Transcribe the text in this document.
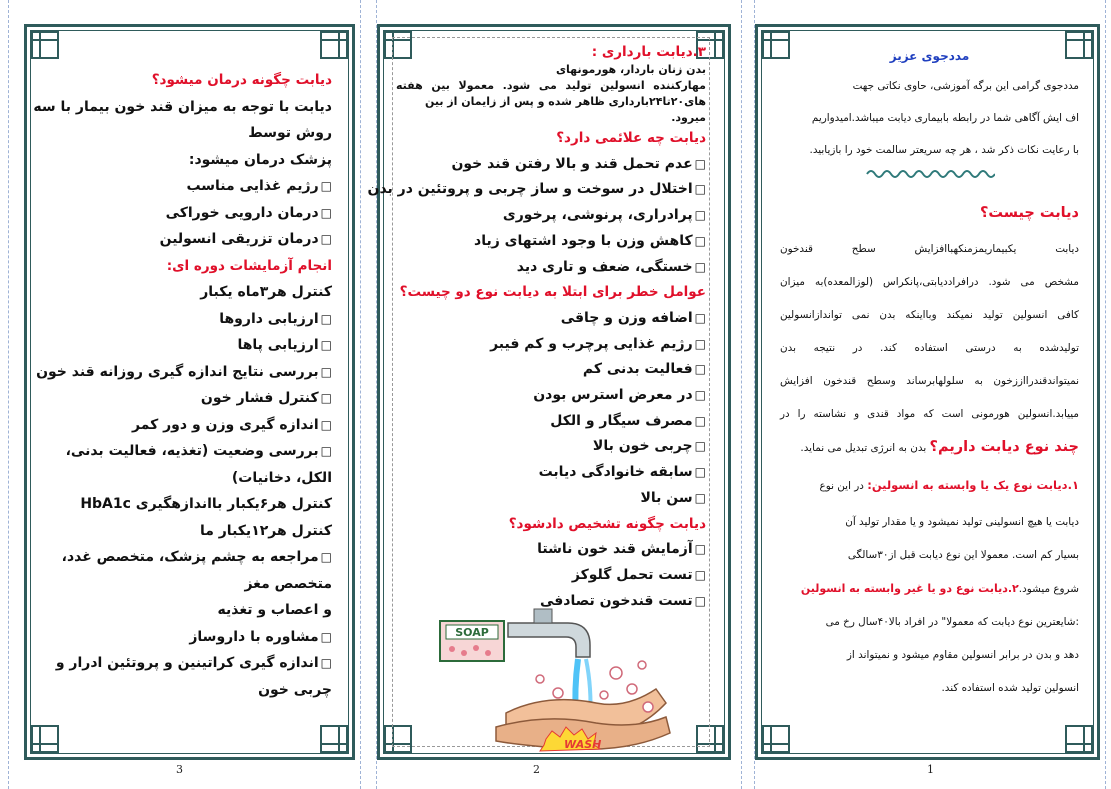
دیابت چگونه درمان میشود؟
دیابت با توجه به میزان قند خون بیمار با سه
روش توسط
پزشک درمان میشود:
□رژیم غذایی مناسب
□درمان دارویی خوراکی
□درمان تزریقی انسولین
انجام آزمایشات دوره ای:
کنترل هر۳ماه یکبار
□ارزیابی داروها
□ارزیابی پاها
□بررسی نتایج اندازه گیری روزانه قند خون
□کنترل فشار خون
□اندازه گیری وزن و دور کمر
□بررسی وضعیت (تغذیه، فعالیت بدنی،
الکل، دخانیات)
کنترل هر۶یکبار بااندازهگیری HbA1c
کنترل هر۱۲یکبار ما
□مراجعه به چشم پزشک، متخصص غدد،
متخصص مغز
و اعصاب و تغذیه
□مشاوره با داروساز
□اندازه گیری کراتینین و پروتئین ادرار و
چربی خون
۳.دیابت بارداری :
بدن زنان باردار، هورمونهای
مهارکننده انسولین تولید می شود. معمولا بین هفته
های۲۰تا۲۴بارداری ظاهر شده و پس از زایمان از بین میرود.
دیابت چه علائمی دارد؟
□عدم تحمل قند و بالا رفتن قند خون
□اختلال در سوخت و ساز چربی و پروتئین در بدن
□پرادراری، پرنوشی، پرخوری
□کاهش وزن با وجود اشتهای زیاد
□خستگی، ضعف و تاری دید
عوامل خطر برای ابتلا به دیابت نوع دو چیست؟
□اضافه وزن و چاقی
□رژیم غذایی پرچرب و کم فیبر
□فعالیت بدنی کم
□در معرض استرس بودن
□مصرف سیگار و الکل
□چربی خون بالا
□سابقه خانوادگی دیابت
□سن بالا
دیابت چگونه تشخیص دادشود؟
□آزمایش قند خون ناشتا
□تست تحمل گلوکز
□تست قندخون تصادفی
SOAP
WASH
مددجوی عزیز
مددجوی گرامی این برگه آموزشی، حاوی نکاتی جهت
اف ایش آگاهی شما در رابطه بابیماری دیابت میباشد.امیدواریم
با رعایت نکات ذکر شد ، هر چه سریعتر سالمت خود را بازیابید.
دیابت چیست؟
دیابت یکبیماریمزمنکهباافزایش سطح قندخون
مشخص می شود. درافراددیابتی،پانکراس (لوزالمعده)به میزان
کافی انسولین تولید نمیکند وبااینکه بدن نمی تواندازانسولین
تولیدشده به درستی استفاده کند. در نتیجه بدن
نمیتواندقندرااززخون به سلولهابرساند وسطح قندخون افزایش
مییابد.انسولین هورمونی است که مواد قندی و نشاسته را در
چند نوع دیابت داریم؟ بدن به انرژی تبدیل می نماید.
۱.دیابت نوع یک یا وابسته به انسولین: در این نوع
دیابت یا هیچ انسولینی تولید نمیشود و یا مقدار تولید آن
بسیار کم است. معمولا این نوع دیابت قبل از۳۰سالگی
شروع میشود.۲.دیابت نوع دو یا غیر وابسته به انسولین
:شایعترین نوع دیابت که معمولا" در افراد بالا۴۰سال رخ می
دهد و بدن در برابر انسولین مقاوم میشود و نمیتواند از
انسولین تولید شده استفاده کند.
3	2	1
